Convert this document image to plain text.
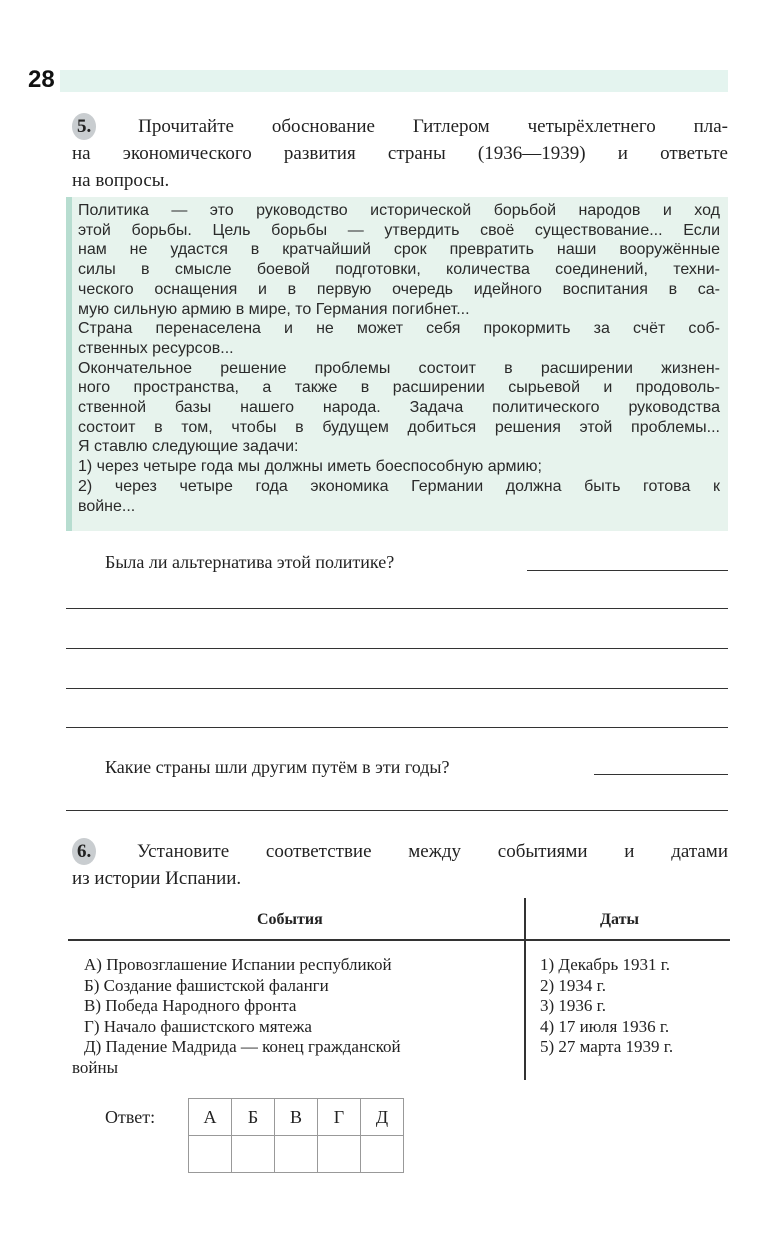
28
5. Прочитайте обоснование Гитлером четырёхлетнего пла-
на экономического развития страны (1936—1939) и ответьте
на вопросы.
Политика — это руководство исторической борьбой народов и ход
этой борьбы. Цель борьбы — утвердить своё существование... Если
нам не удастся в кратчайший срок превратить наши вооружённые
силы в смысле боевой подготовки, количества соединений, техни-
ческого оснащения и в первую очередь идейного воспитания в са-
мую сильную армию в мире, то Германия погибнет...
Страна перенаселена и не может себя прокормить за счёт соб-
ственных ресурсов...
Окончательное решение проблемы состоит в расширении жизнен-
ного пространства, а также в расширении сырьевой и продоволь-
ственной базы нашего народа. Задача политического руководства
состоит в том, чтобы в будущем добиться решения этой проблемы...
Я ставлю следующие задачи:
1) через четыре года мы должны иметь боеспособную армию;
2) через четыре года экономика Германии должна быть готова к
войне...
Была ли альтернатива этой политике?
Какие страны шли другим путём в эти годы?
6. Установите соответствие между событиями и датами
из истории Испании.
События	Даты
А) Провозглашение Испании республикой
Б) Создание фашистской фаланги
В) Победа Народного фронта
Г) Начало фашистского мятежа
Д) Падение Мадрида — конец гражданской
войны
1) Декабрь 1931 г.
2) 1934 г.
3) 1936 г.
4) 17 июля 1936 г.
5) 27 марта 1939 г.
Ответ:	А	Б	В	Г	Д
